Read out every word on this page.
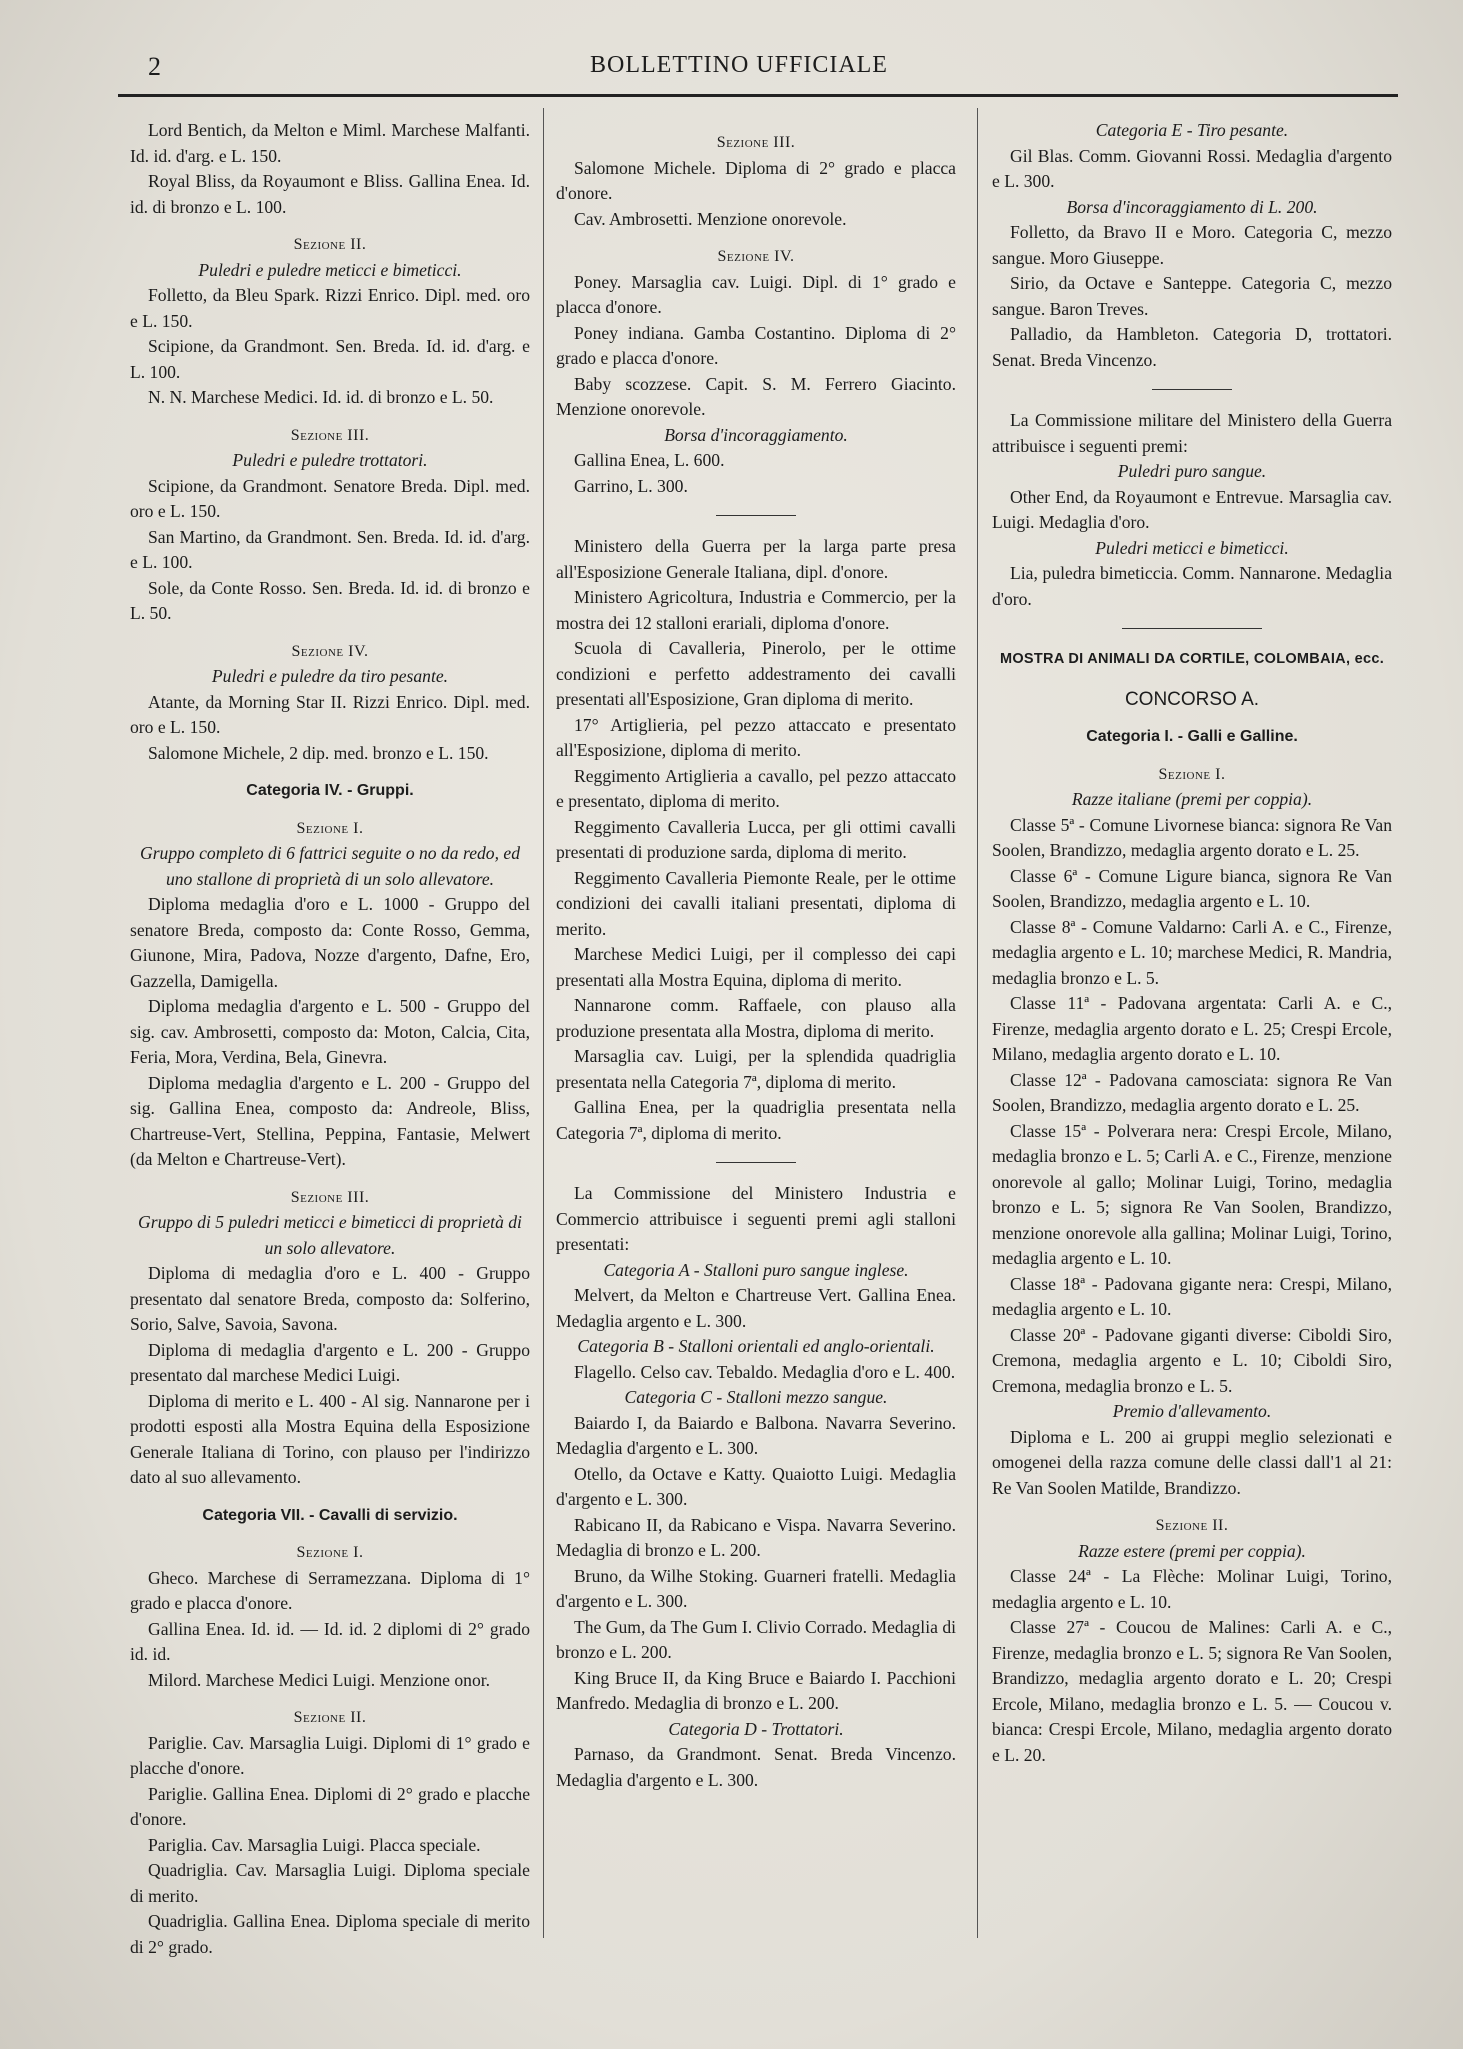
2	BOLLETTINO UFFICIALE

Lord Bentich, da Melton e Miml. Marchese Malfanti. Id. id. d'arg. e L. 150.

Royal Bliss, da Royaumont e Bliss. Gallina Enea. Id. id. di bronzo e L. 100.

Sezione II.

Puledri e puledre meticci e bimeticci.

Folletto, da Bleu Spark. Rizzi Enrico. Dipl. med. oro e L. 150.

Scipione, da Grandmont. Sen. Breda. Id. id. d'arg. e L. 100.

N. N. Marchese Medici. Id. id. di bronzo e L. 50.

Sezione III.

Puledri e puledre trottatori.

Scipione, da Grandmont. Senatore Breda. Dipl. med. oro e L. 150.

San Martino, da Grandmont. Sen. Breda. Id. id. d'arg. e L. 100.

Sole, da Conte Rosso. Sen. Breda. Id. id. di bronzo e L. 50.

Sezione IV.

Puledri e puledre da tiro pesante.

Atante, da Morning Star II. Rizzi Enrico. Dipl. med. oro e L. 150.

Salomone Michele, 2 dip. med. bronzo e L. 150.

Categoria IV. - Gruppi.

Sezione I.

Gruppo completo di 6 fattrici seguite o no da redo, ed uno stallone di proprietà di un solo allevatore.

Diploma medaglia d'oro e L. 1000 - Gruppo del senatore Breda, composto da: Conte Rosso, Gemma, Giunone, Mira, Padova, Nozze d'argento, Dafne, Ero, Gazzella, Damigella.

Diploma medaglia d'argento e L. 500 - Gruppo del sig. cav. Ambrosetti, composto da: Moton, Calcia, Cita, Feria, Mora, Verdina, Bela, Ginevra.

Diploma medaglia d'argento e L. 200 - Gruppo del sig. Gallina Enea, composto da: Andreole, Bliss, Chartreuse-Vert, Stellina, Peppina, Fantasie, Melwert (da Melton e Chartreuse-Vert).

Sezione III.

Gruppo di 5 puledri meticci e bimeticci di proprietà di un solo allevatore.

Diploma di medaglia d'oro e L. 400 - Gruppo presentato dal senatore Breda, composto da: Solferino, Sorio, Salve, Savoia, Savona.

Diploma di medaglia d'argento e L. 200 - Gruppo presentato dal marchese Medici Luigi.

Diploma di merito e L. 400 - Al sig. Nannarone per i prodotti esposti alla Mostra Equina della Esposizione Generale Italiana di Torino, con plauso per l'indirizzo dato al suo allevamento.

Categoria VII. - Cavalli di servizio.

Sezione I.

Gheco. Marchese di Serramezzana. Diploma di 1° grado e placca d'onore.

Gallina Enea. Id. id. — Id. id. 2 diplomi di 2° grado id. id.

Milord. Marchese Medici Luigi. Menzione onor.

Sezione II.

Pariglie. Cav. Marsaglia Luigi. Diplomi di 1° grado e placche d'onore.

Pariglie. Gallina Enea. Diplomi di 2° grado e placche d'onore.

Pariglia. Cav. Marsaglia Luigi. Placca speciale.

Quadriglia. Cav. Marsaglia Luigi. Diploma speciale di merito.

Quadriglia. Gallina Enea. Diploma speciale di merito di 2° grado.

Sezione III.

Salomone Michele. Diploma di 2° grado e placca d'onore.

Cav. Ambrosetti. Menzione onorevole.

Sezione IV.

Poney. Marsaglia cav. Luigi. Dipl. di 1° grado e placca d'onore.

Poney indiana. Gamba Costantino. Diploma di 2° grado e placca d'onore.

Baby scozzese. Capit. S. M. Ferrero Giacinto. Menzione onorevole.

Borsa d'incoraggiamento.

Gallina Enea, L. 600.

Garrino, L. 300.

Ministero della Guerra per la larga parte presa all'Esposizione Generale Italiana, dipl. d'onore.

Ministero Agricoltura, Industria e Commercio, per la mostra dei 12 stalloni erariali, diploma d'onore.

Scuola di Cavalleria, Pinerolo, per le ottime condizioni e perfetto addestramento dei cavalli presentati all'Esposizione, Gran diploma di merito.

17° Artiglieria, pel pezzo attaccato e presentato all'Esposizione, diploma di merito.

Reggimento Artiglieria a cavallo, pel pezzo attaccato e presentato, diploma di merito.

Reggimento Cavalleria Lucca, per gli ottimi cavalli presentati di produzione sarda, diploma di merito.

Reggimento Cavalleria Piemonte Reale, per le ottime condizioni dei cavalli italiani presentati, diploma di merito.

Marchese Medici Luigi, per il complesso dei capi presentati alla Mostra Equina, diploma di merito.

Nannarone comm. Raffaele, con plauso alla produzione presentata alla Mostra, diploma di merito.

Marsaglia cav. Luigi, per la splendida quadriglia presentata nella Categoria 7ª, diploma di merito.

Gallina Enea, per la quadriglia presentata nella Categoria 7ª, diploma di merito.

La Commissione del Ministero Industria e Commercio attribuisce i seguenti premi agli stalloni presentati:

Categoria A - Stalloni puro sangue inglese.

Melvert, da Melton e Chartreuse Vert. Gallina Enea. Medaglia argento e L. 300.

Categoria B - Stalloni orientali ed anglo-orientali.

Flagello. Celso cav. Tebaldo. Medaglia d'oro e L. 400.

Categoria C - Stalloni mezzo sangue.

Baiardo I, da Baiardo e Balbona. Navarra Severino. Medaglia d'argento e L. 300.

Otello, da Octave e Katty. Quaiotto Luigi. Medaglia d'argento e L. 300.

Rabicano II, da Rabicano e Vispa. Navarra Severino. Medaglia di bronzo e L. 200.

Bruno, da Wilhe Stoking. Guarneri fratelli. Medaglia d'argento e L. 300.

The Gum, da The Gum I. Clivio Corrado. Medaglia di bronzo e L. 200.

King Bruce II, da King Bruce e Baiardo I. Pacchioni Manfredo. Medaglia di bronzo e L. 200.

Categoria D - Trottatori.

Parnaso, da Grandmont. Senat. Breda Vincenzo. Medaglia d'argento e L. 300.

Categoria E - Tiro pesante.

Gil Blas. Comm. Giovanni Rossi. Medaglia d'argento e L. 300.

Borsa d'incoraggiamento di L. 200.

Folletto, da Bravo II e Moro. Categoria C, mezzo sangue. Moro Giuseppe.

Sirio, da Octave e Santeppe. Categoria C, mezzo sangue. Baron Treves.

Palladio, da Hambleton. Categoria D, trottatori. Senat. Breda Vincenzo.

La Commissione militare del Ministero della Guerra attribuisce i seguenti premi:

Puledri puro sangue.

Other End, da Royaumont e Entrevue. Marsaglia cav. Luigi. Medaglia d'oro.

Puledri meticci e bimeticci.

Lia, puledra bimeticcia. Comm. Nannarone. Medaglia d'oro.

MOSTRA DI ANIMALI DA CORTILE, COLOMBAIA, ecc.

CONCORSO A.

Categoria I. - Galli e Galline.

Sezione I.

Razze italiane (premi per coppia).

Classe 5ª - Comune Livornese bianca: signora Re Van Soolen, Brandizzo, medaglia argento dorato e L. 25.

Classe 6ª - Comune Ligure bianca, signora Re Van Soolen, Brandizzo, medaglia argento e L. 10.

Classe 8ª - Comune Valdarno: Carli A. e C., Firenze, medaglia argento e L. 10; marchese Medici, R. Mandria, medaglia bronzo e L. 5.

Classe 11ª - Padovana argentata: Carli A. e C., Firenze, medaglia argento dorato e L. 25; Crespi Ercole, Milano, medaglia argento dorato e L. 10.

Classe 12ª - Padovana camosciata: signora Re Van Soolen, Brandizzo, medaglia argento dorato e L. 25.

Classe 15ª - Polverara nera: Crespi Ercole, Milano, medaglia bronzo e L. 5; Carli A. e C., Firenze, menzione onorevole al gallo; Molinar Luigi, Torino, medaglia bronzo e L. 5; signora Re Van Soolen, Brandizzo, menzione onorevole alla gallina; Molinar Luigi, Torino, medaglia argento e L. 10.

Classe 18ª - Padovana gigante nera: Crespi, Milano, medaglia argento e L. 10.

Classe 20ª - Padovane giganti diverse: Ciboldi Siro, Cremona, medaglia argento e L. 10; Ciboldi Siro, Cremona, medaglia bronzo e L. 5.

Premio d'allevamento.

Diploma e L. 200 ai gruppi meglio selezionati e omogenei della razza comune delle classi dall'1 al 21: Re Van Soolen Matilde, Brandizzo.

Sezione II.

Razze estere (premi per coppia).

Classe 24ª - La Flèche: Molinar Luigi, Torino, medaglia argento e L. 10.

Classe 27ª - Coucou de Malines: Carli A. e C., Firenze, medaglia bronzo e L. 5; signora Re Van Soolen, Brandizzo, medaglia argento dorato e L. 20; Crespi Ercole, Milano, medaglia bronzo e L. 5. — Coucou v. bianca: Crespi Ercole, Milano, medaglia argento dorato e L. 20.
